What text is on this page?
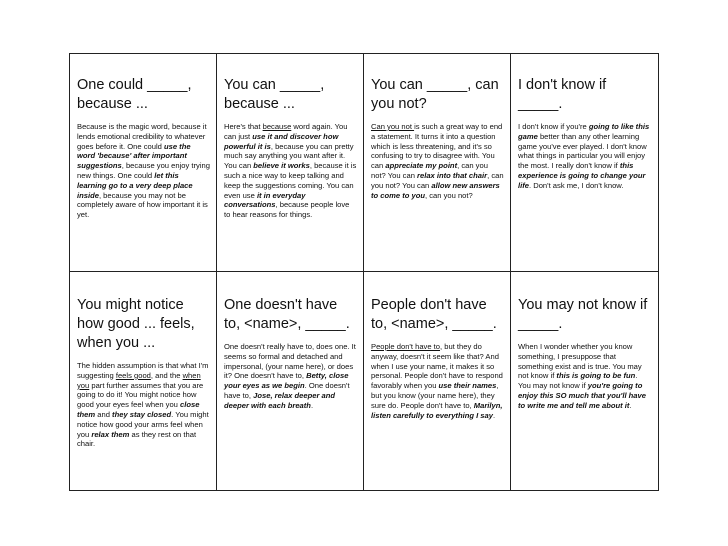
One could _____, because ...

Because is the magic word, because it lends emotional credibility to whatever goes before it. One could use the word 'because' after important suggestions, because you enjoy trying new things. One could let this learning go to a very deep place inside, because you may not be completely aware of how important it is yet.

You can _____, because ...

Here's that because word again. You can just use it and discover how powerful it is, because you can pretty much say anything you want after it. You can believe it works, because it is such a nice way to keep talking and keep the suggestions coming. You can even use it in everyday conversations, because people love to hear reasons for things.

You can _____, can you not?

Can you not is such a great way to end a statement. It turns it into a question which is less threatening, and it's so confusing to try to disagree with. You can appreciate my point, can you not? You can relax into that chair, can you not? You can allow new answers to come to you, can you not?

I don't know if _____.

I don't know if you're going to like this game better than any other learning game you've ever played. I don't know what things in particular you will enjoy the most. I really don't know if this experience is going to change your life. Don't ask me, I don't know.

You might notice how good ... feels, when you ...

The hidden assumption is that what I'm suggesting feels good, and the when you part further assumes that you are going to do it! You might notice how good your eyes feel when you close them and they stay closed. You might notice how good your arms feel when you relax them as they rest on that chair.

One doesn't have to, <name>, _____.

One doesn't really have to, does one. It seems so formal and detached and impersonal, (your name here), or does it? One doesn't have to, Betty, close your eyes as we begin. One doesn't have to, Jose, relax deeper and deeper with each breath.

People don't have to, <name>, _____.

People don't have to, but they do anyway, doesn't it seem like that? And when I use your name, it makes it so personal. People don't have to respond favorably when you use their names, but you know (your name here), they sure do. People don't have to, Marilyn, listen carefully to everything I say.

You may not know if _____.

When I wonder whether you know something, I presuppose that something exist and is true. You may not know if this is going to be fun. You may not know if you're going to enjoy this SO much that you'll have to write me and tell me about it.
